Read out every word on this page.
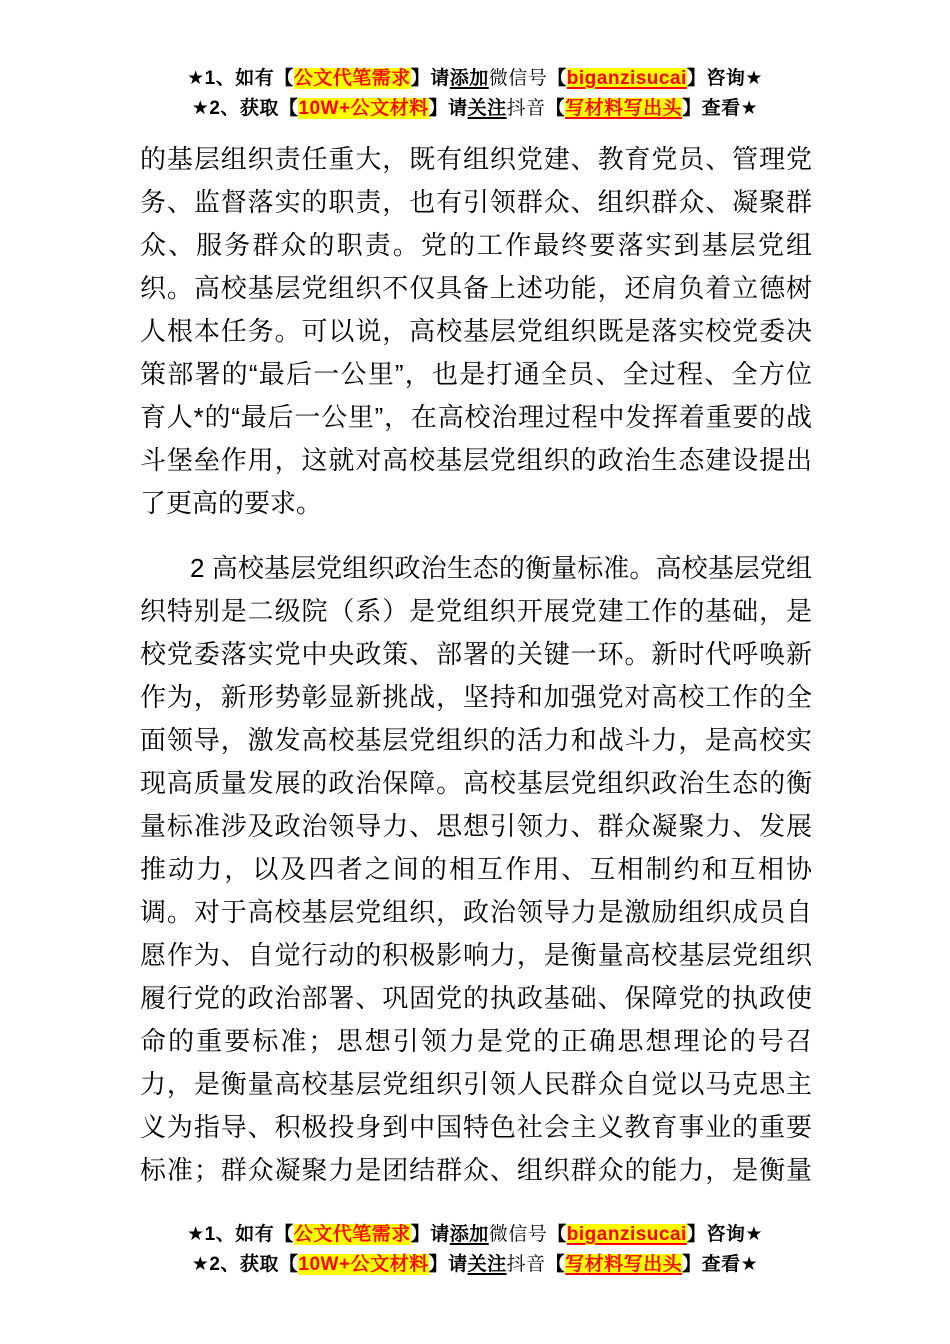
★1、如有【公文代笔需求】请添加微信号【biganzisucai】咨询★
★2、获取【10W+公文材料】请关注抖音【写材料写出头】查看★
的基层组织责任重大，既有组织党建、教育党员、管理党
务、监督落实的职责，也有引领群众、组织群众、凝聚群
众、服务群众的职责。党的工作最终要落实到基层党组
织。高校基层党组织不仅具备上述功能，还肩负着立德树
人根本任务。可以说，高校基层党组织既是落实校党委决
策部署的“最后一公里”，也是打通全员、全过程、全方位
育人*的“最后一公里”，在高校治理过程中发挥着重要的战
斗堡垒作用，这就对高校基层党组织的政治生态建设提出
了更高的要求。
2 高校基层党组织政治生态的衡量标准。高校基层党组
织特别是二级院（系）是党组织开展党建工作的基础，是
校党委落实党中央政策、部署的关键一环。新时代呼唤新
作为，新形势彰显新挑战，坚持和加强党对高校工作的全
面领导，激发高校基层党组织的活力和战斗力，是高校实
现高质量发展的政治保障。高校基层党组织政治生态的衡
量标准涉及政治领导力、思想引领力、群众凝聚力、发展
推动力，以及四者之间的相互作用、互相制约和互相协
调。对于高校基层党组织，政治领导力是激励组织成员自
愿作为、自觉行动的积极影响力，是衡量高校基层党组织
履行党的政治部署、巩固党的执政基础、保障党的执政使
命的重要标准；思想引领力是党的正确思想理论的号召
力，是衡量高校基层党组织引领人民群众自觉以马克思主
义为指导、积极投身到中国特色社会主义教育事业的重要
标准；群众凝聚力是团结群众、组织群众的能力，是衡量
★1、如有【公文代笔需求】请添加微信号【biganzisucai】咨询★
★2、获取【10W+公文材料】请关注抖音【写材料写出头】查看★
